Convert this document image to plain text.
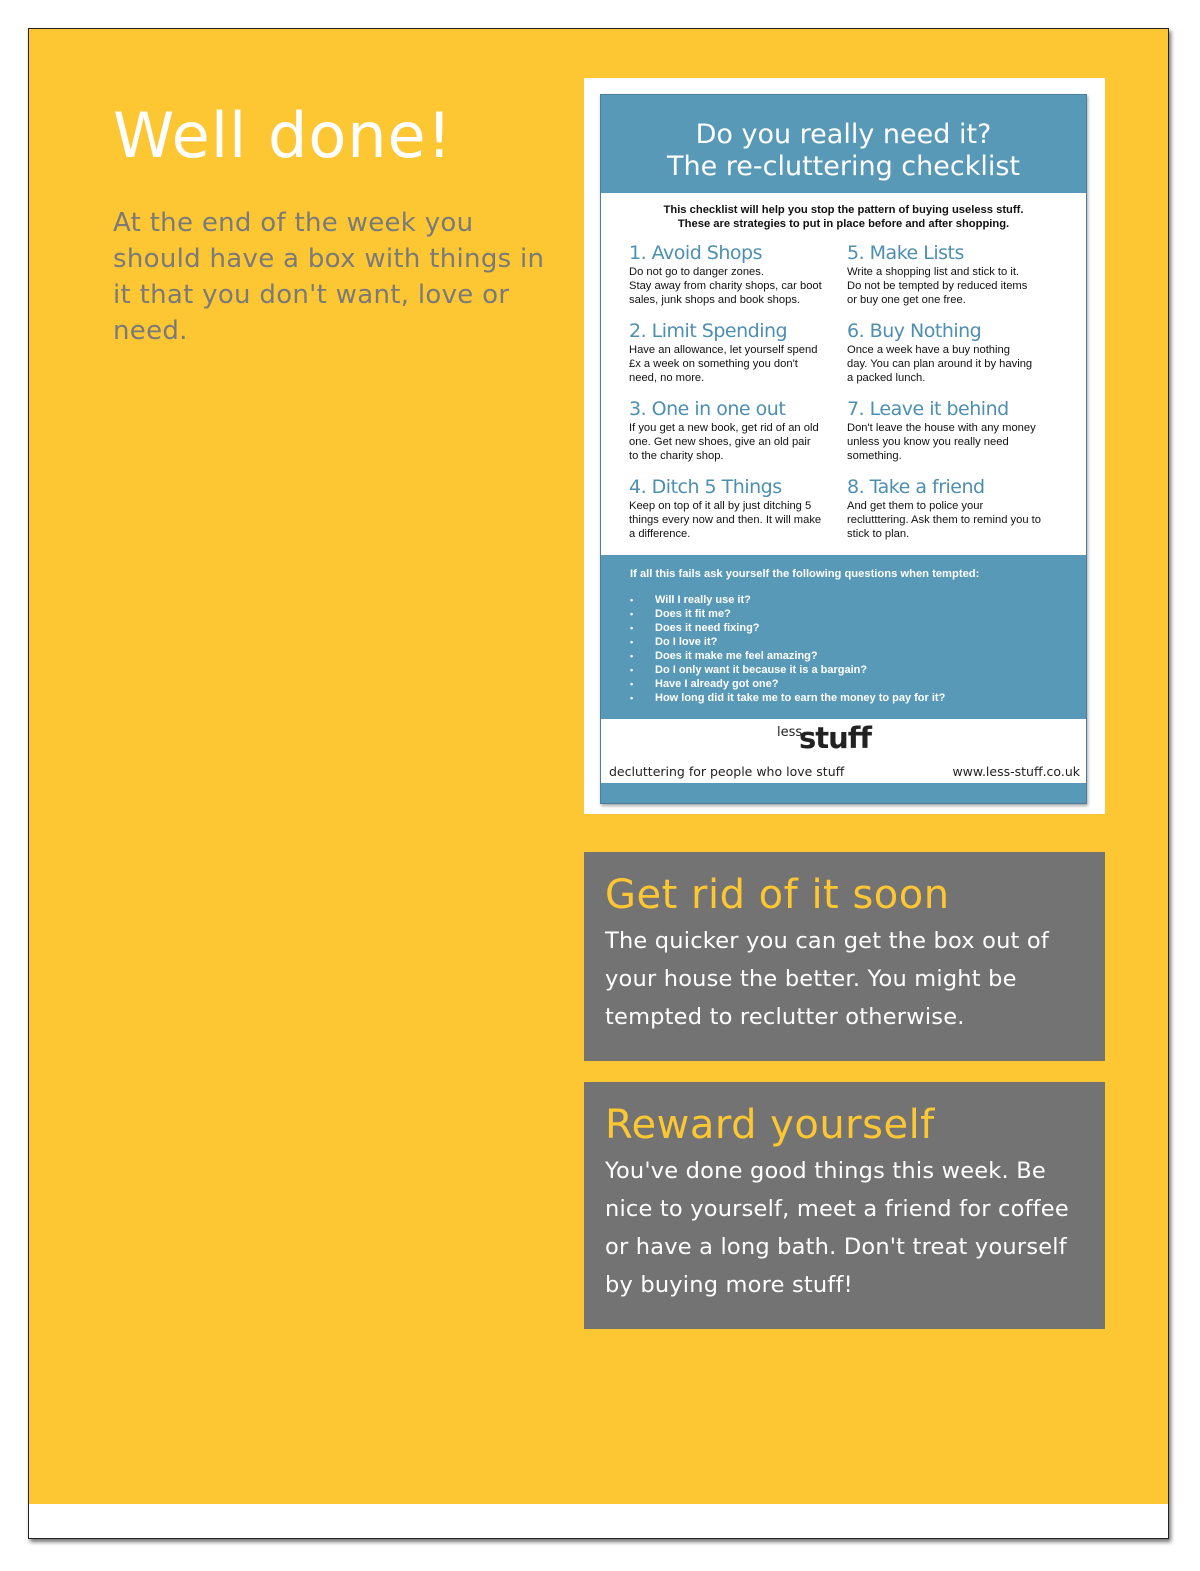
Well done!

At the end of the week you should have a box with things in it that you don't want, love or need.

Do you really need it?
The re-cluttering checklist
This checklist will help you stop the pattern of buying useless stuff.
These are strategies to put in place before and after shopping.
1. Avoid Shops
Do not go to danger zones.
Stay away from charity shops, car boot
sales, junk shops and book shops.
5. Make Lists
Write a shopping list and stick to it.
Do not be tempted by reduced items
or buy one get one free.
2. Limit Spending
Have an allowance, let yourself spend
£x a week on something you don't
need, no more.
6. Buy Nothing
Once a week have a buy nothing
day. You can plan around it by having
a packed lunch.
3. One in one out
If you get a new book, get rid of an old
one. Get new shoes, give an old pair
to the charity shop.
7. Leave it behind
Don't leave the house with any money
unless you know you really need
something.
4. Ditch 5 Things
Keep on top of it all by just ditching 5
things every now and then. It will make
a difference.
8. Take a friend
And get them to police your
reclutttering. Ask them to remind you to
stick to plan.
If all this fails ask yourself the following questions when tempted:
• Will I really use it?
• Does it fit me?
• Does it need fixing?
• Do I love it?
• Does it make me feel amazing?
• Do I only want it because it is a bargain?
• Have I already got one?
• How long did it take me to earn the money to pay for it?
less
stuff
decluttering for people who love stuff	www.less-stuff.co.uk
Get rid of it soon

The quicker you can get the box out of your house the better. You might be tempted to reclutter otherwise.

Reward yourself

You've done good things this week. Be nice to yourself, meet a friend for coffee or have a long bath. Don't treat yourself by buying more stuff!
